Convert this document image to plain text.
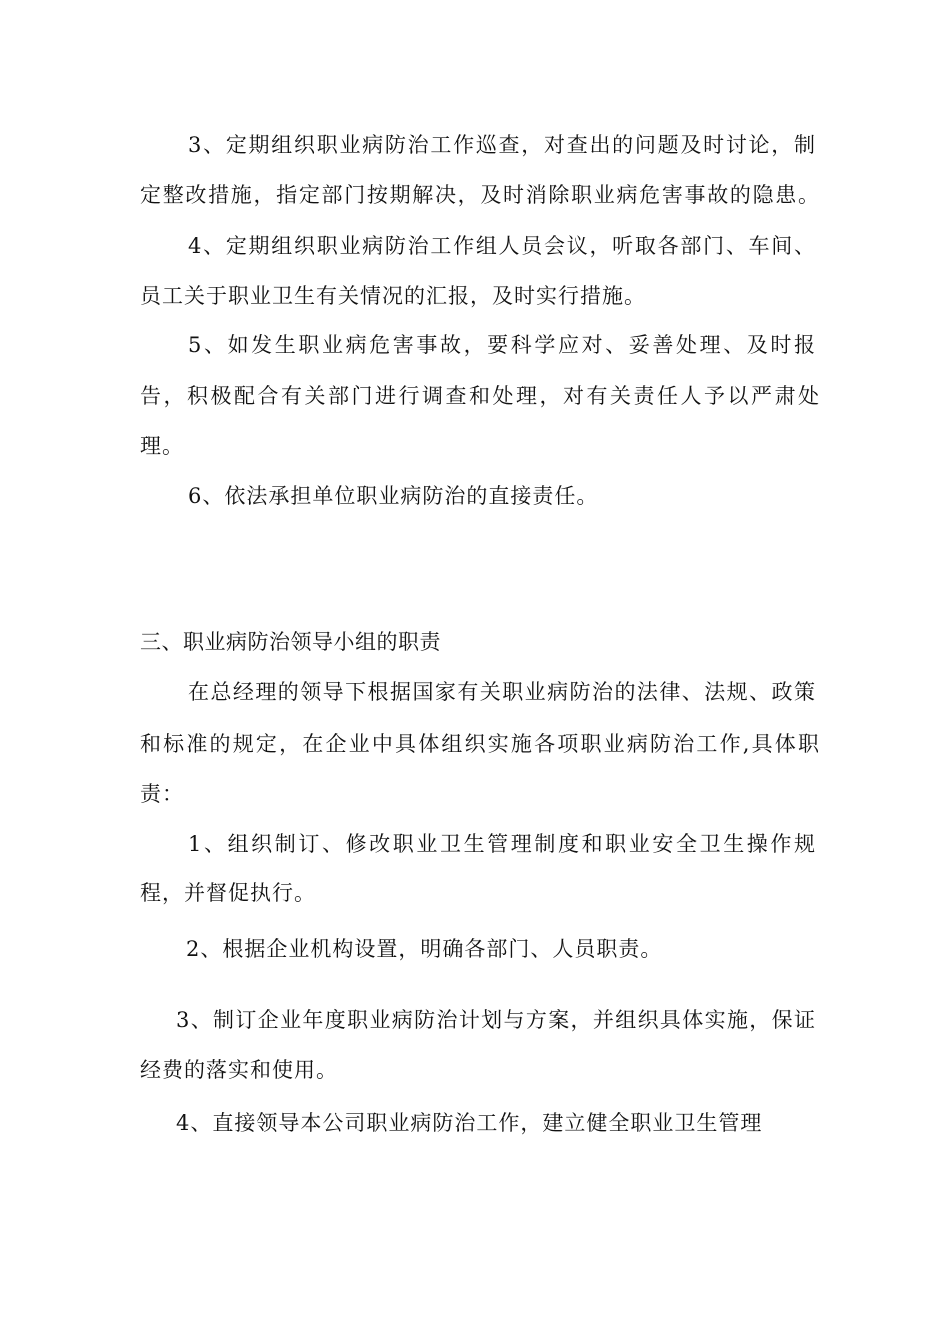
3、定期组织职业病防治工作巡查，对查出的问题及时讨论，制
定整改措施，指定部门按期解决，及时消除职业病危害事故的隐患。
4、定期组织职业病防治工作组人员会议，听取各部门、车间、
员工关于职业卫生有关情况的汇报，及时实行措施。
5、如发生职业病危害事故，要科学应对、妥善处理、及时报
告，积极配合有关部门进行调查和处理，对有关责任人予以严肃处
理。
6、依法承担单位职业病防治的直接责任。
三、职业病防治领导小组的职责
在总经理的领导下根据国家有关职业病防治的法律、法规、政策
和标准的规定，在企业中具体组织实施各项职业病防治工作,具体职
责：
1、组织制订、修改职业卫生管理制度和职业安全卫生操作规
程，并督促执行。
2、根据企业机构设置，明确各部门、人员职责。
3、制订企业年度职业病防治计划与方案，并组织具体实施，保证
经费的落实和使用。
4、直接领导本公司职业病防治工作，建立健全职业卫生管理
